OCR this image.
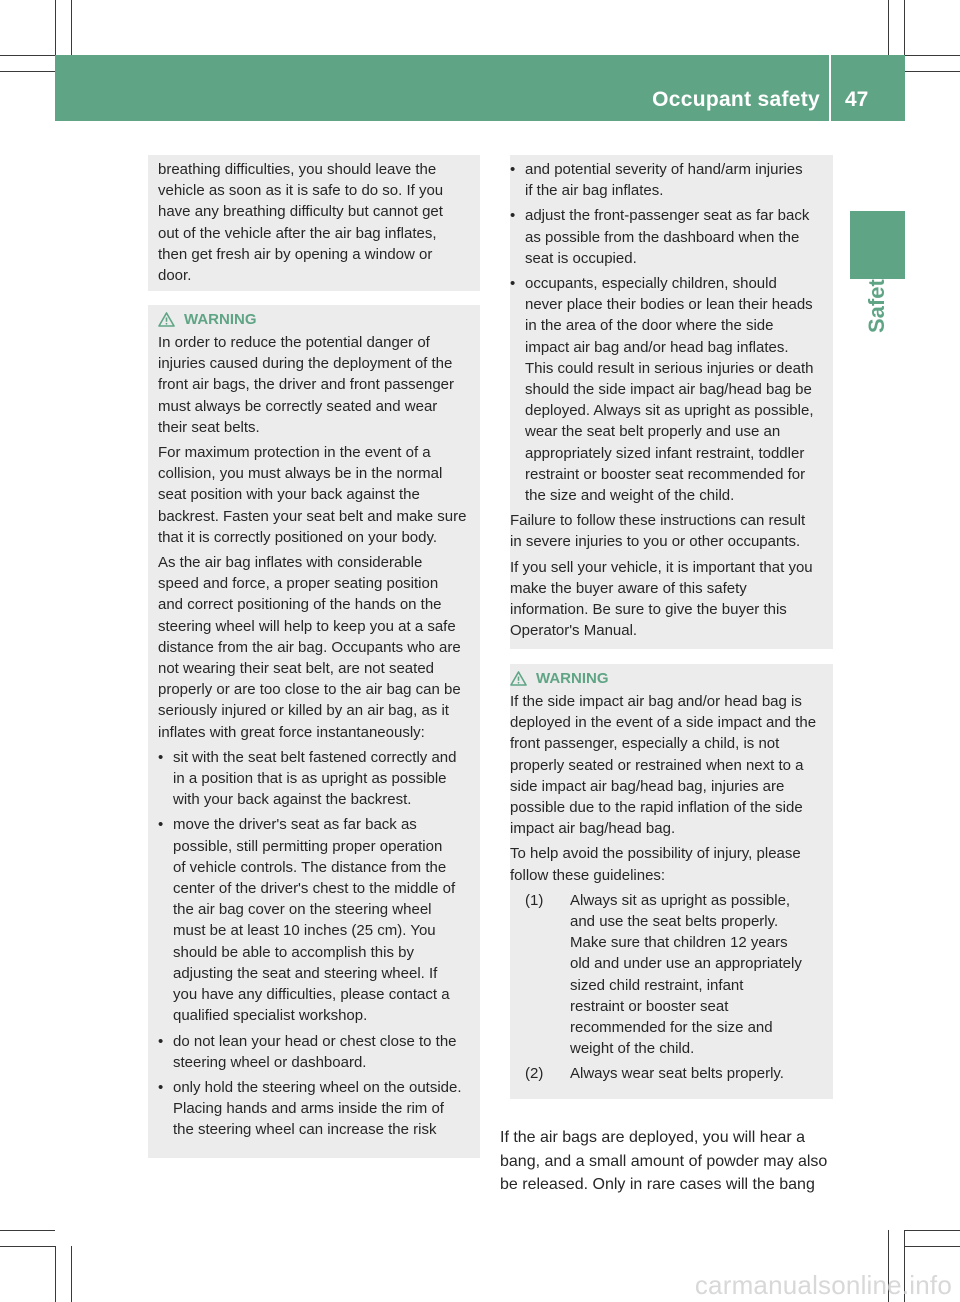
Occupant safety 47
Safety
breathing difficulties, you should leave the
vehicle as soon as it is safe to do so. If you
have any breathing difficulty but cannot get
out of the vehicle after the air bag inflates,
then get fresh air by opening a window or
door.
WARNING

In order to reduce the potential danger of
injuries caused during the deployment of the
front air bags, the driver and front passenger
must always be correctly seated and wear
their seat belts.

For maximum protection in the event of a
collision, you must always be in the normal
seat position with your back against the
backrest. Fasten your seat belt and make sure
that it is correctly positioned on your body.

As the air bag inflates with considerable
speed and force, a proper seating position
and correct positioning of the hands on the
steering wheel will help to keep you at a safe
distance from the air bag. Occupants who are
not wearing their seat belt, are not seated
properly or are too close to the air bag can be
seriously injured or killed by an air bag, as it
inflates with great force instantaneously:

• sit with the seat belt fastened correctly and
in a position that is as upright as possible
with your back against the backrest.
• move the driver's seat as far back as
possible, still permitting proper operation
of vehicle controls. The distance from the
center of the driver's chest to the middle of
the air bag cover on the steering wheel
must be at least 10 inches (25 cm). You
should be able to accomplish this by
adjusting the seat and steering wheel. If
you have any difficulties, please contact a
qualified specialist workshop.
• do not lean your head or chest close to the
steering wheel or dashboard.
• only hold the steering wheel on the outside.
Placing hands and arms inside the rim of
the steering wheel can increase the risk
• and potential severity of hand/arm injuries
if the air bag inflates.
• adjust the front-passenger seat as far back
as possible from the dashboard when the
seat is occupied.
• occupants, especially children, should
never place their bodies or lean their heads
in the area of the door where the side
impact air bag and/or head bag inflates.
This could result in serious injuries or death
should the side impact air bag/head bag be
deployed. Always sit as upright as possible,
wear the seat belt properly and use an
appropriately sized infant restraint, toddler
restraint or booster seat recommended for
the size and weight of the child.

Failure to follow these instructions can result
in severe injuries to you or other occupants.

If you sell your vehicle, it is important that you
make the buyer aware of this safety
information. Be sure to give the buyer this
Operator's Manual.

WARNING

If the side impact air bag and/or head bag is
deployed in the event of a side impact and the
front passenger, especially a child, is not
properly seated or restrained when next to a
side impact air bag/head bag, injuries are
possible due to the rapid inflation of the side
impact air bag/head bag.

To help avoid the possibility of injury, please
follow these guidelines:

(1)	Always sit as upright as possible,
and use the seat belts properly.
Make sure that children 12 years
old and under use an appropriately
sized child restraint, infant
restraint or booster seat
recommended for the size and
weight of the child.
(2)	Always wear seat belts properly.

If the air bags are deployed, you will hear a
bang, and a small amount of powder may also
be released. Only in rare cases will the bang

carmanualsonline.info
